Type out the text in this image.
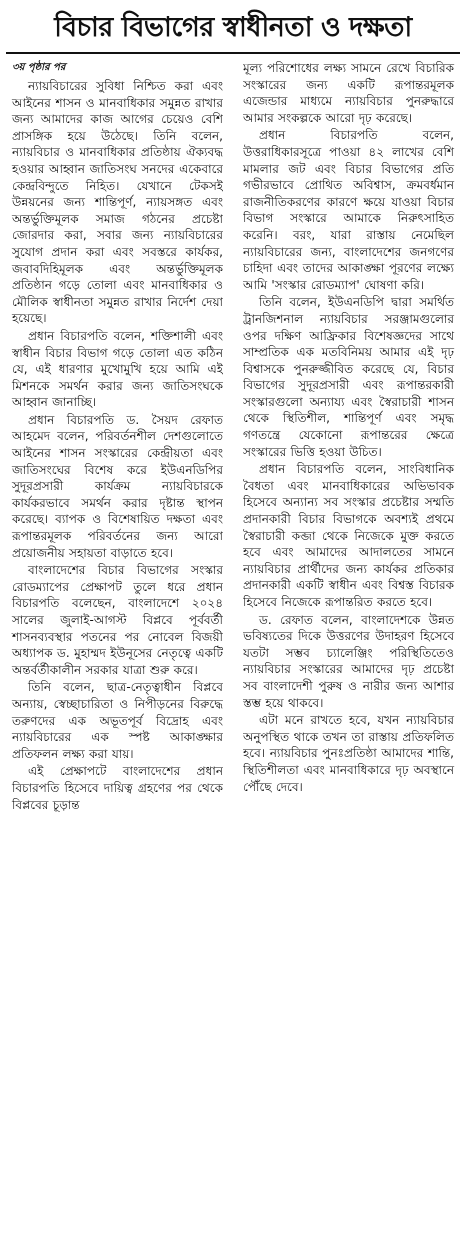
বিচার বিভাগের স্বাধীনতা ও দক্ষতা

৩য় পৃষ্ঠার পর

ন্যায়বিচারের সুবিধা নিশ্চিত করা এবং আইনের শাসন ও মানবাধিকার সমুন্নত রাখার জন্য আমাদের কাজ আগের চেয়েও বেশি প্রাসঙ্গিক হয়ে উঠেছে। তিনি বলেন, ন্যায়বিচার ও মানবাধিকার প্রতিষ্ঠায় ঐক্যবদ্ধ হওয়ার আহ্বান জাতিসংঘ সনদের একেবারে কেন্দ্রবিন্দুতে নিহিত। যেখানে টেকসই উন্নয়নের জন্য শান্তিপূর্ণ, ন্যায়সঙ্গত এবং অন্তর্ভুক্তিমূলক সমাজ গঠনের প্রচেষ্টা জোরদার করা, সবার জন্য ন্যায়বিচারের সুযোগ প্রদান করা এবং সবস্তরে কার্যকর, জবাবদিহিমূলক এবং অন্তর্ভুক্তিমূলক প্রতিষ্ঠান গড়ে তোলা এবং মানবাধিকার ও মৌলিক স্বাধীনতা সমুন্নত রাখার নির্দেশ দেয়া হয়েছে।

প্রধান বিচারপতি বলেন, শক্তিশালী এবং স্বাধীন বিচার বিভাগ গড়ে তোলা এত কঠিন যে, এই ধারণার মুখোমুখি হয়ে আমি এই মিশনকে সমর্থন করার জন্য জাতিসংঘকে আহ্বান জানাচ্ছি।

প্রধান বিচারপতি ড. সৈয়দ রেফাত আহমেদ বলেন, পরিবর্তনশীল দেশগুলোতে আইনের শাসন সংস্কারের কেন্দ্রীয়তা এবং জাতিসংঘের বিশেষ করে ইউএনডিপির সুদূরপ্রসারী কার্যক্রম ন্যায়বিচারকে কার্যকরভাবে সমর্থন করার দৃষ্টান্ত স্থাপন করেছে। ব্যাপক ও বিশেষায়িত দক্ষতা এবং রূপান্তরমূলক পরিবর্তনের জন্য আরো প্রয়োজনীয় সহায়তা বাড়াতে হবে।

বাংলাদেশের বিচার বিভাগের সংস্কার রোডম্যাপের প্রেক্ষাপট তুলে ধরে প্রধান বিচারপতি বলেছেন, বাংলাদেশে ২০২৪ সালের জুলাই-আগস্ট বিপ্লবে পূর্ববর্তী শাসনব্যবস্থার পতনের পর নোবেল বিজয়ী অধ্যাপক ড. মুহাম্মদ ইউনূসের নেতৃত্বে একটি অন্তর্বর্তীকালীন সরকার যাত্রা শুরু করে।

তিনি বলেন, ছাত্র-নেতৃত্বাধীন বিপ্লবে অন্যায়, স্বেচ্ছাচারিতা ও নিপীড়নের বিরুদ্ধে তরুণদের এক অভূতপূর্ব বিদ্রোহ এবং ন্যায়বিচারের এক স্পষ্ট আকাঙ্ক্ষার প্রতিফলন লক্ষ্য করা যায়।

এই প্রেক্ষাপটে বাংলাদেশের প্রধান বিচারপতি হিসেবে দায়িত্ব গ্রহণের পর থেকে বিপ্লবের চূড়ান্ত

মূল্য পরিশোধের লক্ষ্য সামনে রেখে বিচারিক সংস্কারের জন্য একটি রূপান্তরমূলক এজেন্ডার মাধ্যমে ন্যায়বিচার পুনরুদ্ধারে আমার সংকল্পকে আরো দৃঢ় করেছে।

প্রধান বিচারপতি বলেন, উত্তরাধিকারসূত্রে পাওয়া ৪২ লাখের বেশি মামলার জট এবং বিচার বিভাগের প্রতি গভীরভাবে প্রোথিত অবিশ্বাস, ক্রমবর্ধমান রাজনীতিকরণের কারণে ক্ষয়ে যাওয়া বিচার বিভাগ সংস্কারে আমাকে নিরুৎসাহিত করেনি। বরং, যারা রাস্তায় নেমেছিল ন্যায়বিচারের জন্য, বাংলাদেশের জনগণের চাহিদা এবং তাদের আকাঙ্ক্ষা পূরণের লক্ষ্যে আমি 'সংস্কার রোডম্যাপ' ঘোষণা করি।

তিনি বলেন, ইউএনডিপি দ্বারা সমর্থিত ট্রানজিশনাল ন্যায়বিচার সরঞ্জামগুলোর ওপর দক্ষিণ আফ্রিকার বিশেষজ্ঞদের সাথে সাম্প্রতিক এক মতবিনিময় আমার এই দৃঢ় বিশ্বাসকে পুনরুজ্জীবিত করেছে যে, বিচার বিভাগের সুদূরপ্রসারী এবং রূপান্তরকারী সংস্কারগুলো অন্যায্য এবং স্বৈরাচারী শাসন থেকে স্থিতিশীল, শান্তিপূর্ণ এবং সমৃদ্ধ গণতন্ত্রে যেকোনো রূপান্তরের ক্ষেত্রে সংস্কারের ভিত্তি হওয়া উচিত।

প্রধান বিচারপতি বলেন, সাংবিধানিক বৈধতা এবং মানবাধিকারের অভিভাবক হিসেবে অন্যান্য সব সংস্কার প্রচেষ্টার সম্মতি প্রদানকারী বিচার বিভাগকে অবশ্যই প্রথমে স্বৈরাচারী কব্জা থেকে নিজেকে মুক্ত করতে হবে এবং আমাদের আদালতের সামনে ন্যায়বিচার প্রার্থীদের জন্য কার্যকর প্রতিকার প্রদানকারী একটি স্বাধীন এবং বিশ্বস্ত বিচারক হিসেবে নিজেকে রূপান্তরিত করতে হবে।

ড. রেফাত বলেন, বাংলাদেশকে উন্নত ভবিষ্যতের দিকে উত্তরণের উদাহরণ হিসেবে যতটা সম্ভব চ্যালেঞ্জিং পরিস্থিতিতেও ন্যায়বিচার সংস্কারের আমাদের দৃঢ় প্রচেষ্টা সব বাংলাদেশী পুরুষ ও নারীর জন্য আশার স্তম্ভ হয়ে থাকবে।

এটা মনে রাখতে হবে, যখন ন্যায়বিচার অনুপস্থিত থাকে তখন তা রাস্তায় প্রতিফলিত হবে। ন্যায়বিচার পুনঃপ্রতিষ্ঠা আমাদের শান্তি, স্থিতিশীলতা এবং মানবাধিকারে দৃঢ় অবস্থানে পৌঁছে দেবে।
